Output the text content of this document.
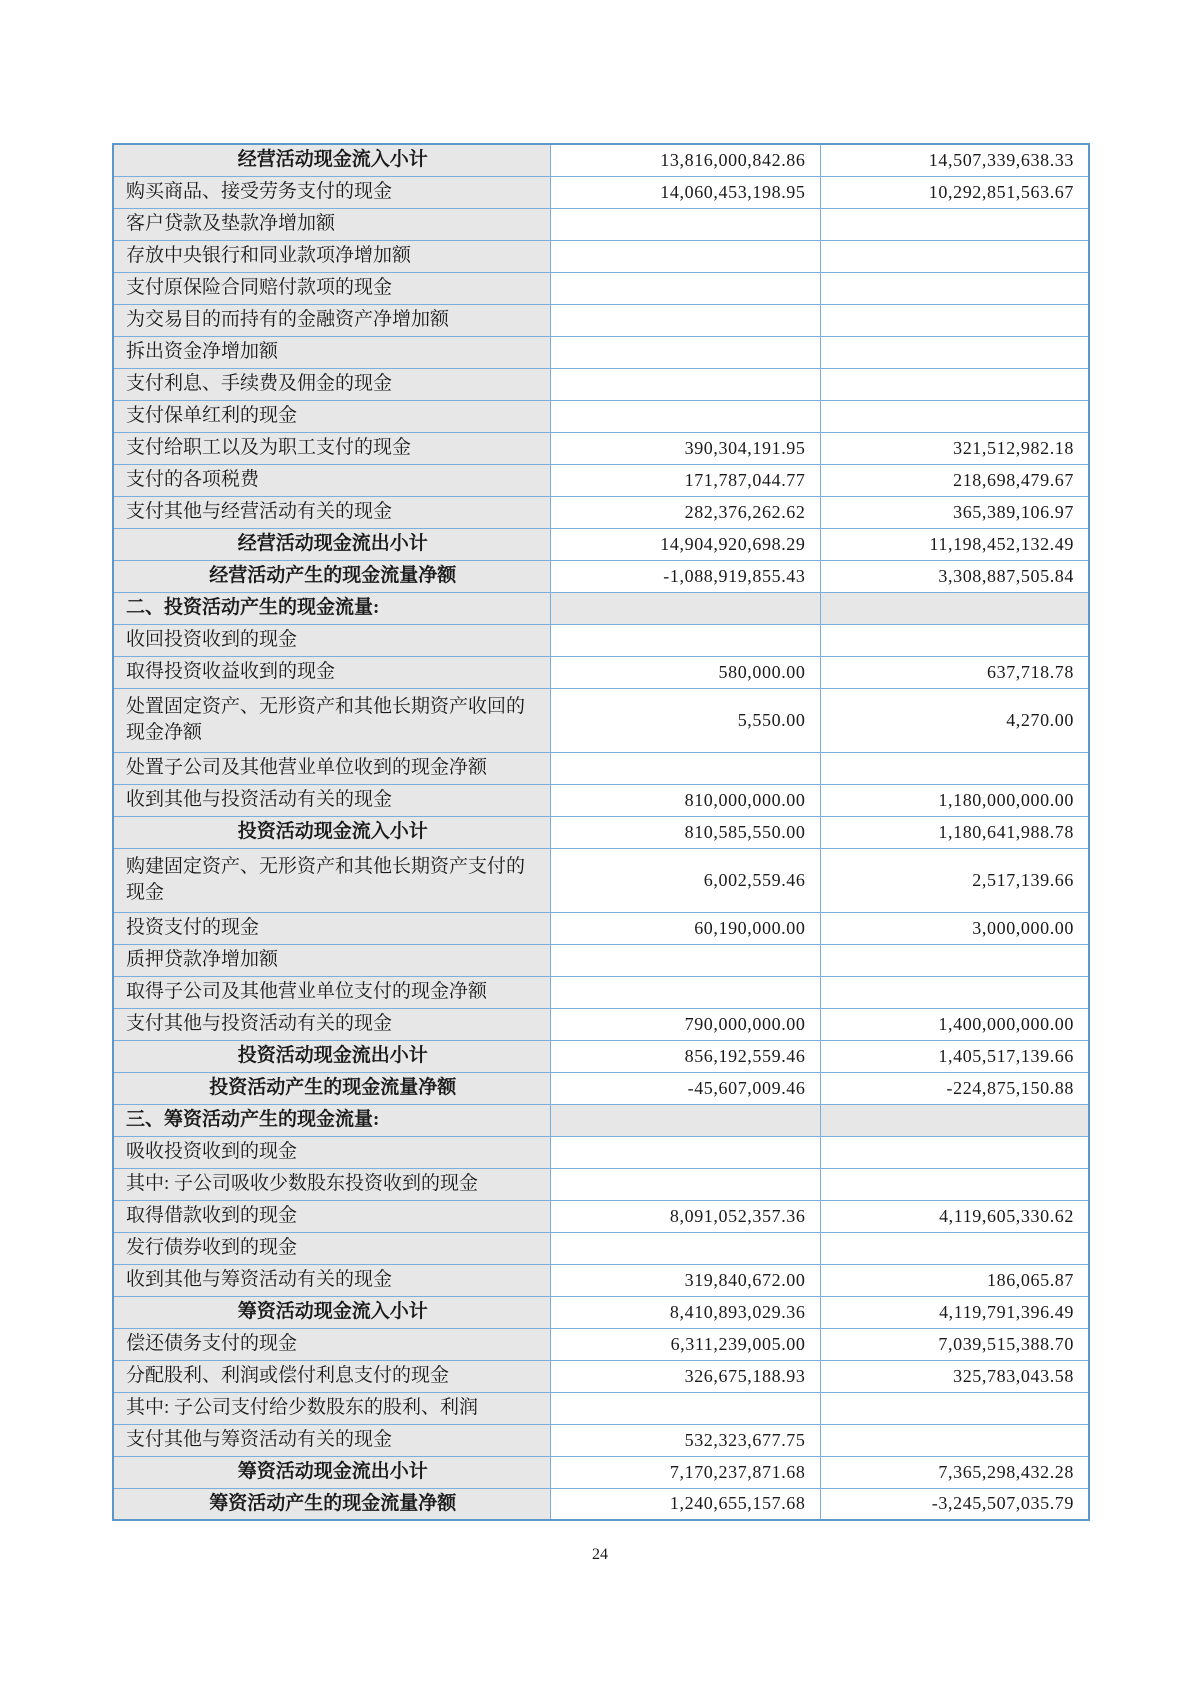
经营活动现金流入小计	13,816,000,842.86	14,507,339,638.33
购买商品、接受劳务支付的现金	14,060,453,198.95	10,292,851,563.67
客户贷款及垫款净增加额		
存放中央银行和同业款项净增加额		
支付原保险合同赔付款项的现金		
为交易目的而持有的金融资产净增加额		
拆出资金净增加额		
支付利息、手续费及佣金的现金		
支付保单红利的现金		
支付给职工以及为职工支付的现金	390,304,191.95	321,512,982.18
支付的各项税费	171,787,044.77	218,698,479.67
支付其他与经营活动有关的现金	282,376,262.62	365,389,106.97
经营活动现金流出小计	14,904,920,698.29	11,198,452,132.49
经营活动产生的现金流量净额	-1,088,919,855.43	3,308,887,505.84
二、投资活动产生的现金流量:		
收回投资收到的现金		
取得投资收益收到的现金	580,000.00	637,718.78
处置固定资产、无形资产和其他长期资产收回的现金净额	5,550.00	4,270.00
处置子公司及其他营业单位收到的现金净额		
收到其他与投资活动有关的现金	810,000,000.00	1,180,000,000.00
投资活动现金流入小计	810,585,550.00	1,180,641,988.78
购建固定资产、无形资产和其他长期资产支付的现金	6,002,559.46	2,517,139.66
投资支付的现金	60,190,000.00	3,000,000.00
质押贷款净增加额		
取得子公司及其他营业单位支付的现金净额		
支付其他与投资活动有关的现金	790,000,000.00	1,400,000,000.00
投资活动现金流出小计	856,192,559.46	1,405,517,139.66
投资活动产生的现金流量净额	-45,607,009.46	-224,875,150.88
三、筹资活动产生的现金流量:		
吸收投资收到的现金		
其中: 子公司吸收少数股东投资收到的现金		
取得借款收到的现金	8,091,052,357.36	4,119,605,330.62
发行债券收到的现金		
收到其他与筹资活动有关的现金	319,840,672.00	186,065.87
筹资活动现金流入小计	8,410,893,029.36	4,119,791,396.49
偿还债务支付的现金	6,311,239,005.00	7,039,515,388.70
分配股利、利润或偿付利息支付的现金	326,675,188.93	325,783,043.58
其中: 子公司支付给少数股东的股利、利润		
支付其他与筹资活动有关的现金	532,323,677.75	
筹资活动现金流出小计	7,170,237,871.68	7,365,298,432.28
筹资活动产生的现金流量净额	1,240,655,157.68	-3,245,507,035.79
24
